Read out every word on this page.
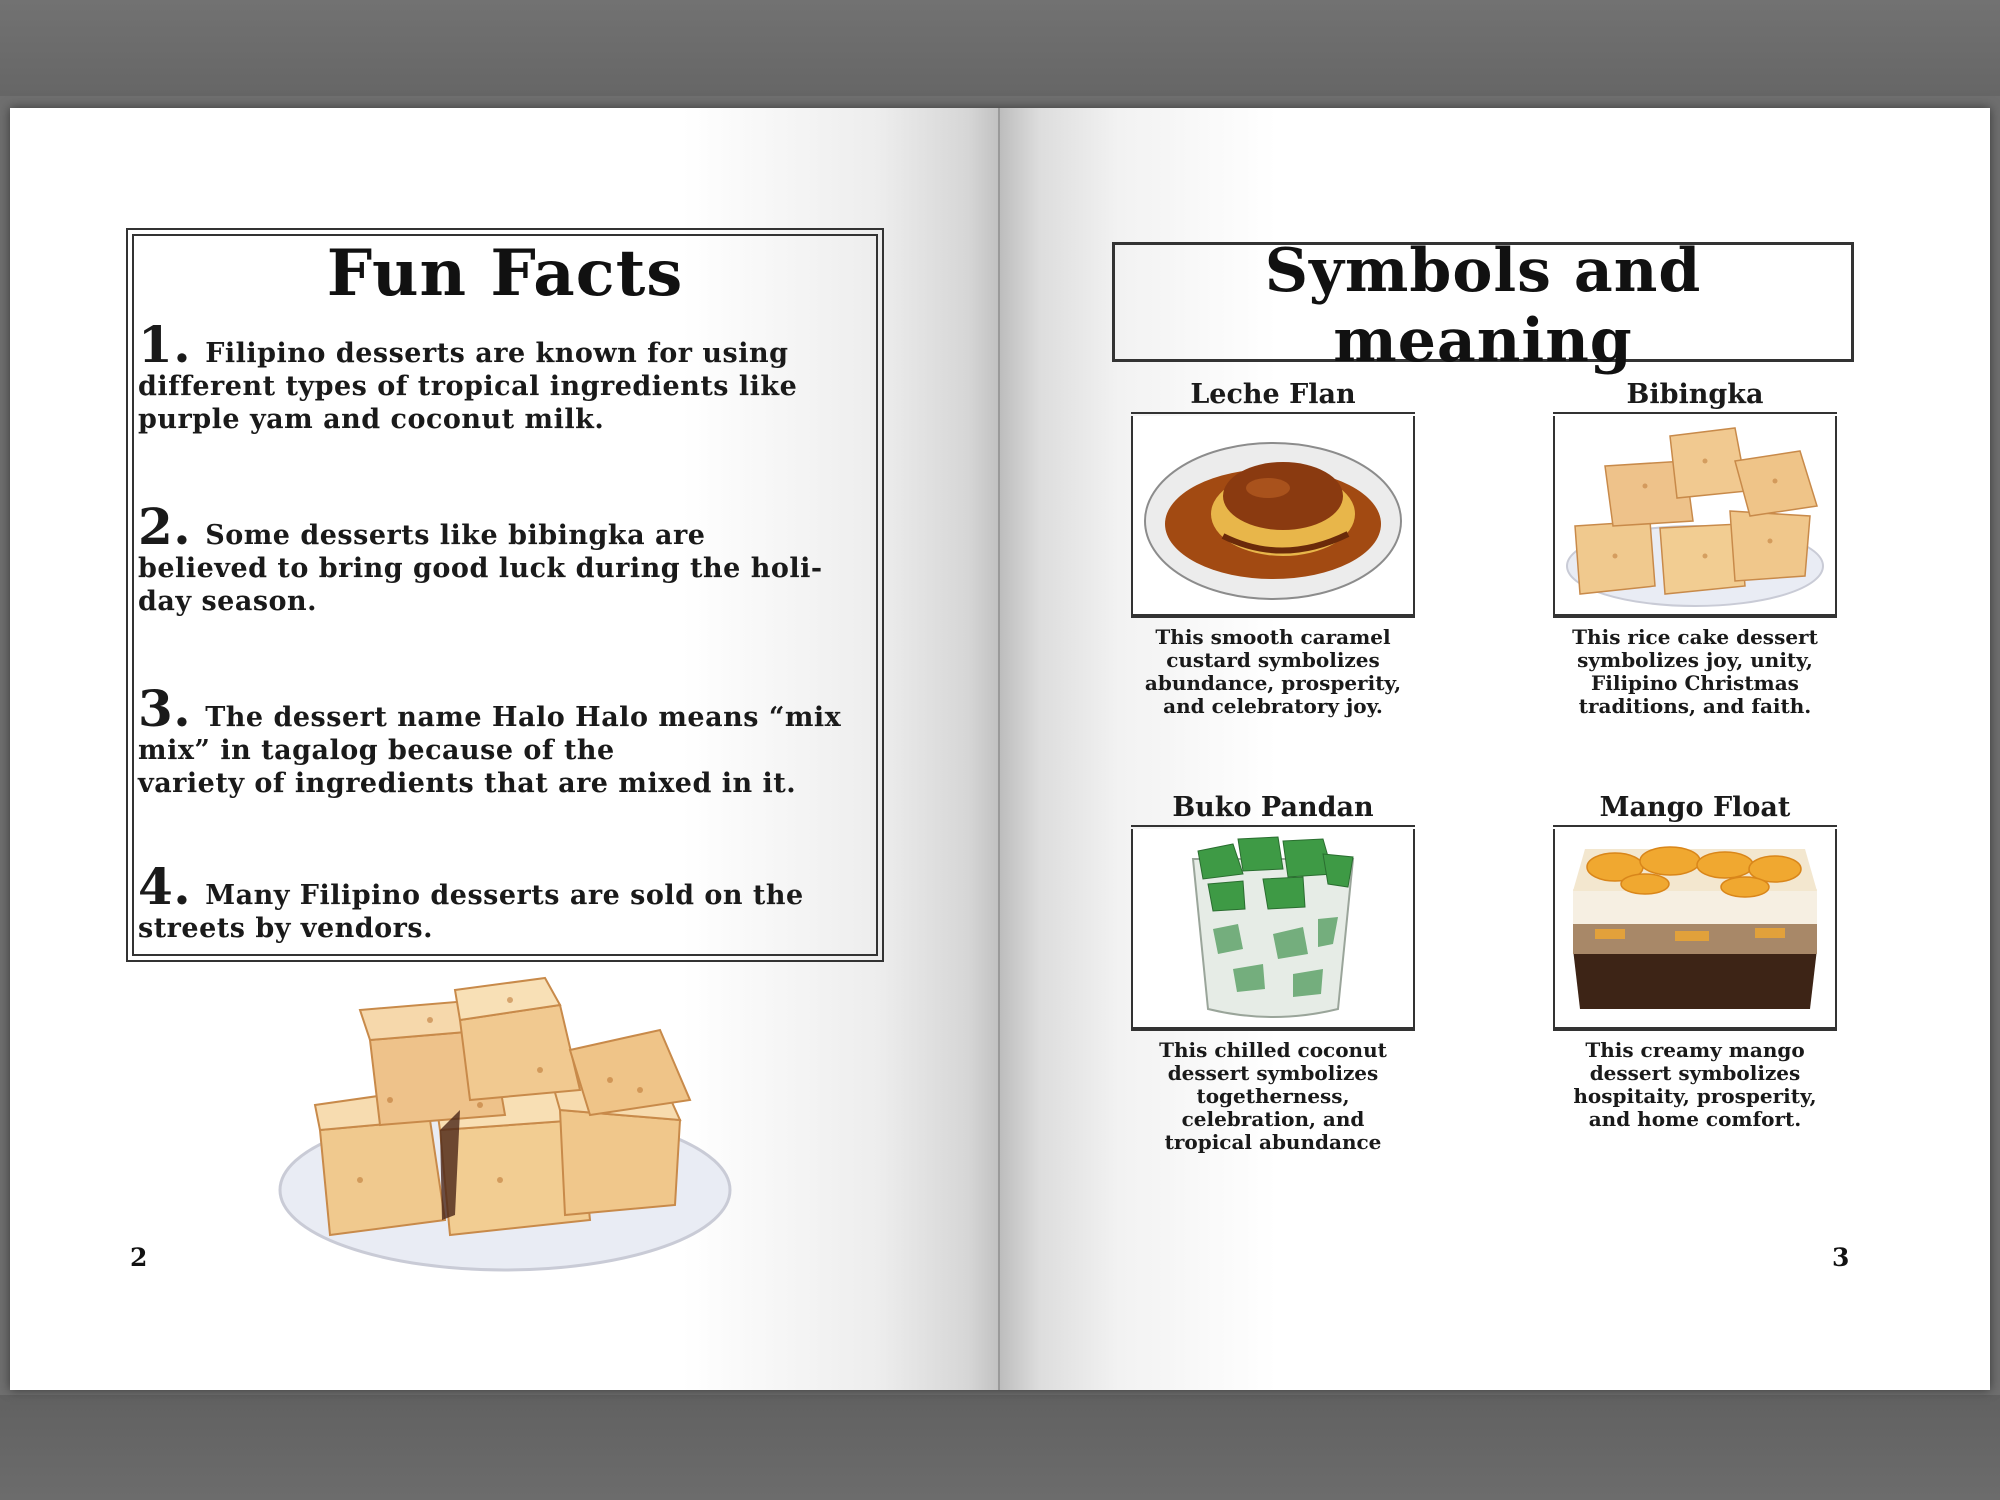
Fun Facts
1. Filipino desserts are known for using
different types of tropical ingredients like
purple yam and coconut milk.
2. Some desserts like bibingka are
believed to bring good luck during the holi-
day season.
3. The dessert name Halo Halo means “mix
mix” in tagalog because of the
variety of ingredients that are mixed in it.
4. Many Filipino desserts are sold on the
streets by vendors.
2
Symbols and
meaning
Leche Flan
This smooth caramel
custard symbolizes
abundance, prosperity,
and celebratory joy.
Bibingka
This rice cake dessert
symbolizes joy, unity,
Filipino Christmas
traditions, and faith.
Buko Pandan
This chilled coconut
dessert symbolizes
togetherness,
celebration, and
tropical abundance
Mango Float
This creamy mango
dessert symbolizes
hospitaity, prosperity,
and home comfort.
3
